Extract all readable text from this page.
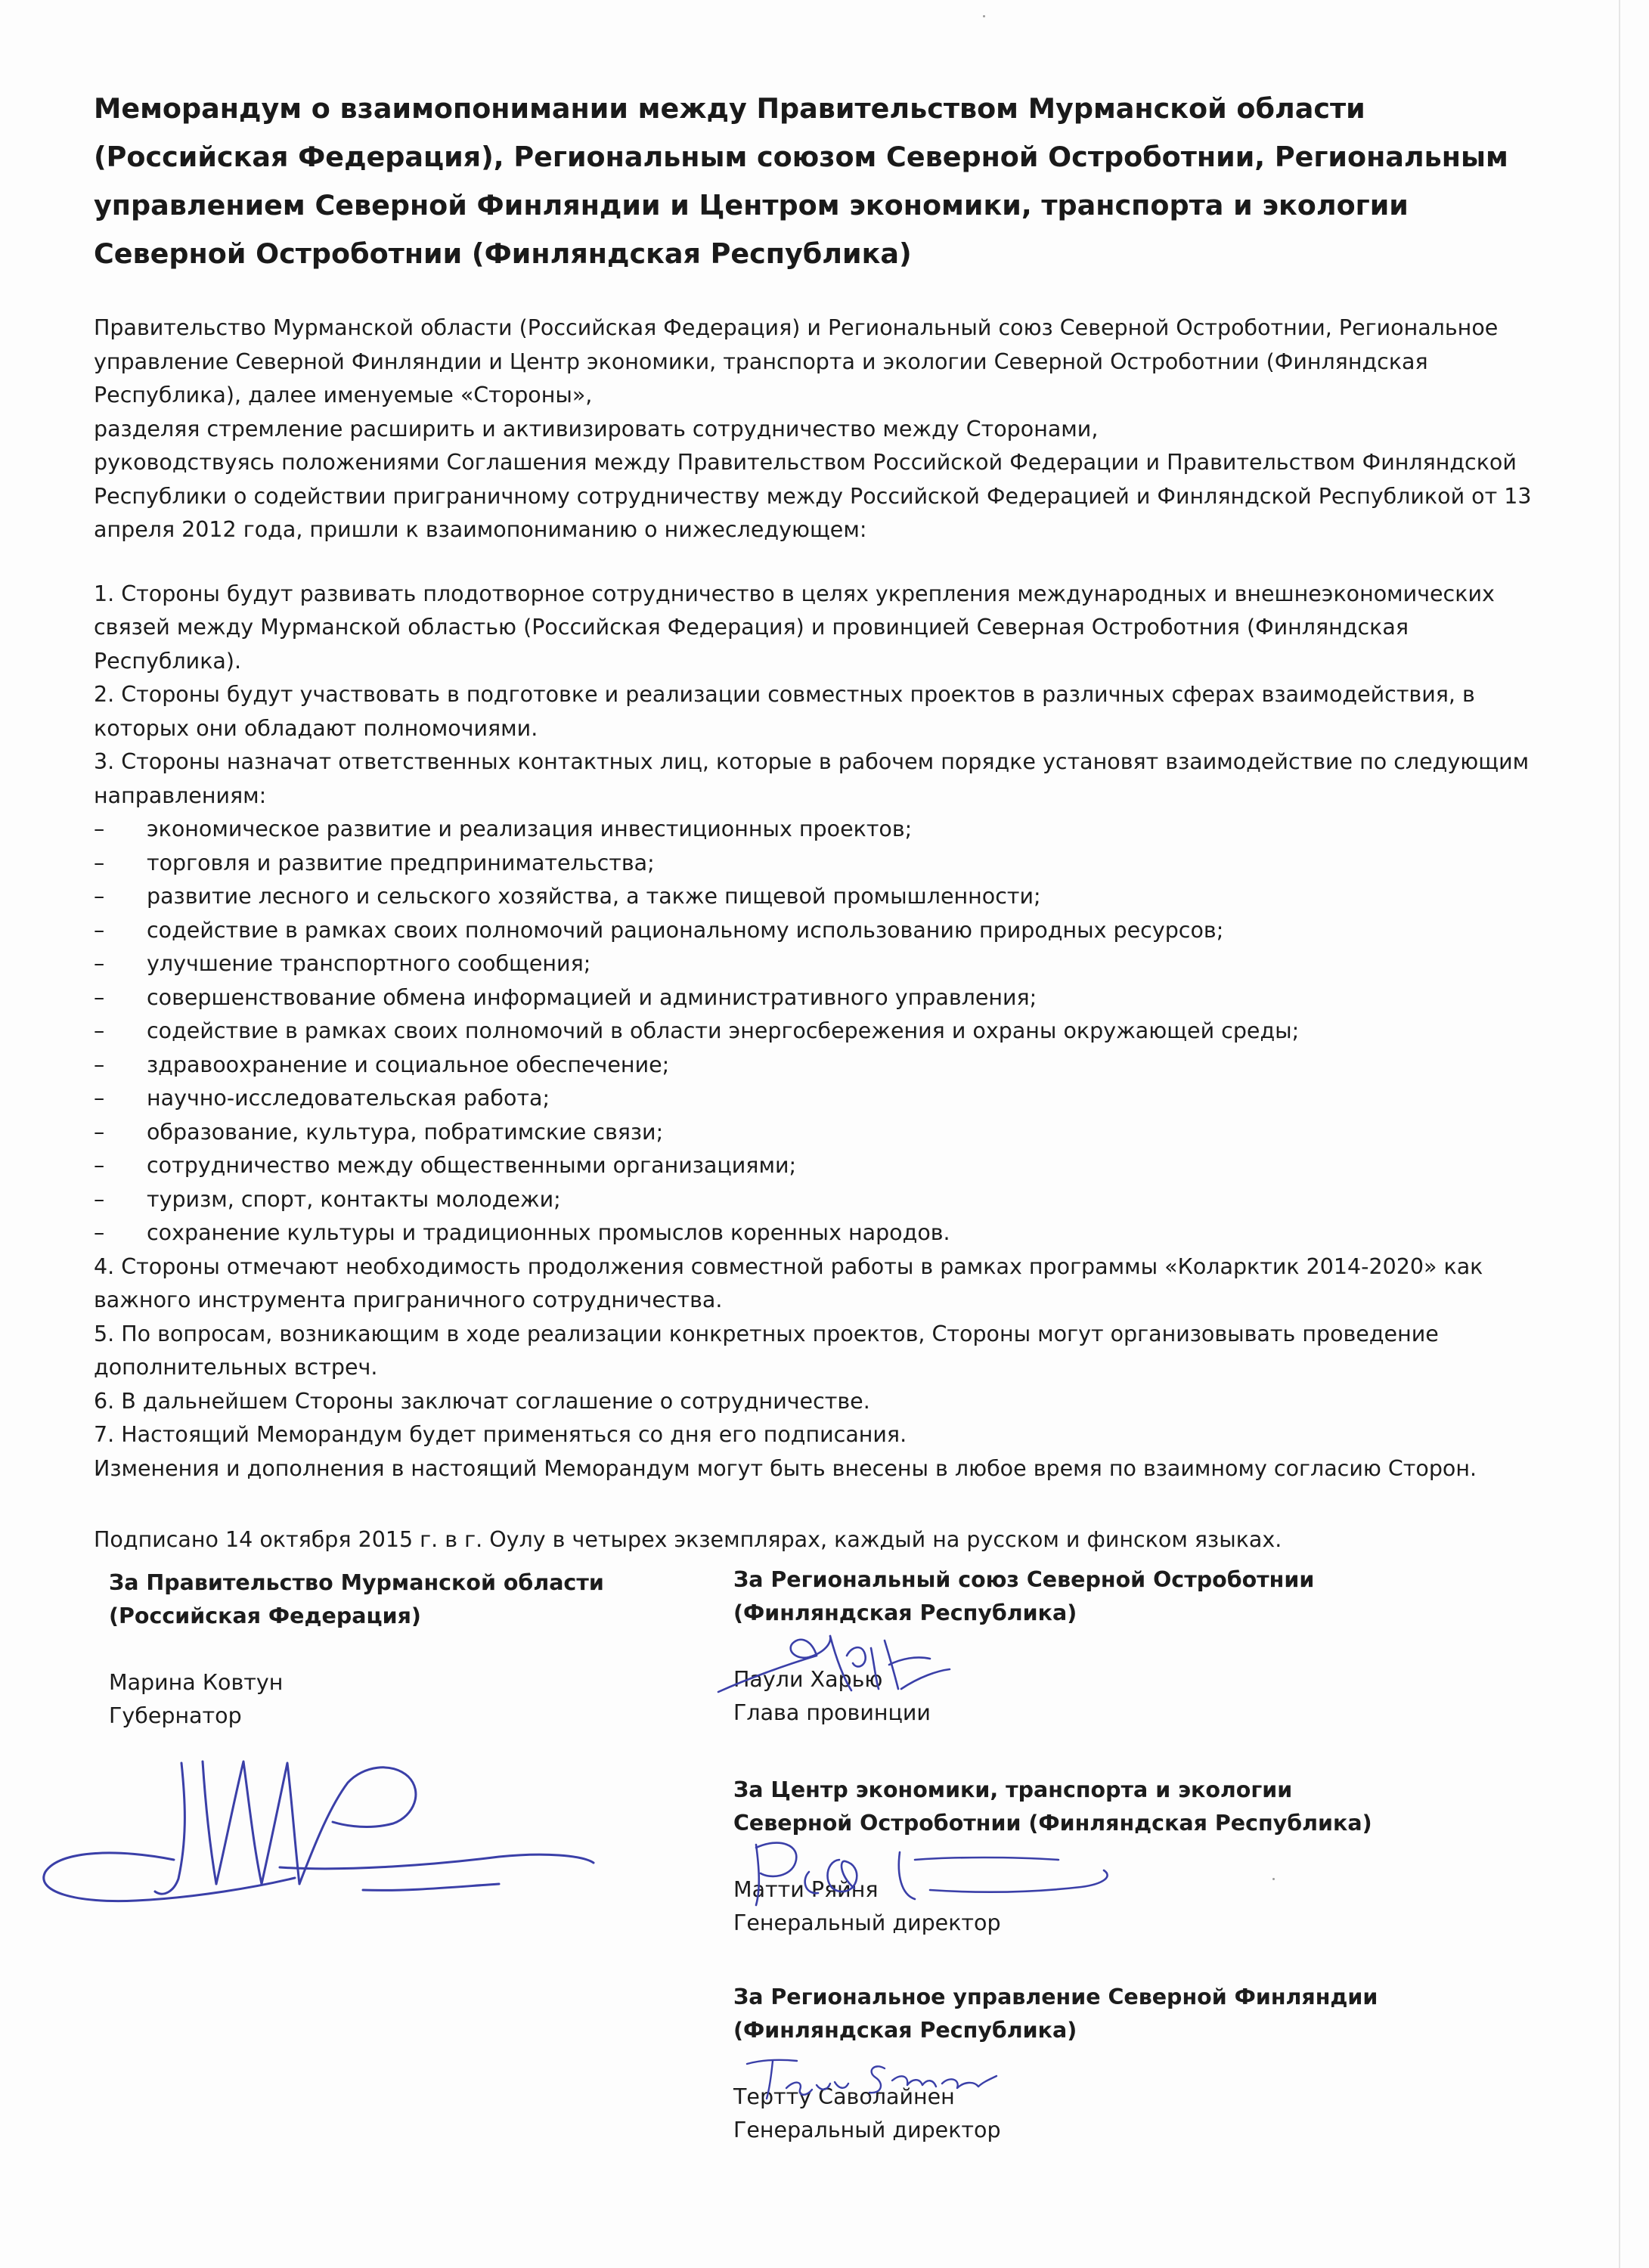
Меморандум о взаимопонимании между Правительством Мурманской области (Российская Федерация), Региональным союзом Северной Остроботнии, Региональным управлением Северной Финляндии и Центром экономики, транспорта и экологии Северной Остроботнии (Финляндская Республика)
Правительство Мурманской области (Российская Федерация) и Региональный союз Северной Остроботнии, Региональное управление Северной Финляндии и Центр экономики, транспорта и экологии Северной Остроботнии (Финляндская Республика), далее именуемые «Стороны»,
разделяя стремление расширить и активизировать сотрудничество между Сторонами,
руководствуясь положениями Соглашения между Правительством Российской Федерации и Правительством Финляндской Республики о содействии приграничному сотрудничеству между Российской Федерацией и Финляндской Республикой от 13 апреля 2012 года, пришли к взаимопониманию о нижеследующем:
1. Стороны будут развивать плодотворное сотрудничество в целях укрепления международных и внешнеэкономических связей между Мурманской областью (Российская Федерация) и провинцией Северная Остроботния (Финляндская Республика).
2. Стороны будут участвовать в подготовке и реализации совместных проектов в различных сферах взаимодействия, в которых они обладают полномочиями.
3. Стороны назначат ответственных контактных лиц, которые в рабочем порядке установят взаимодействие по следующим направлениям:
– экономическое развитие и реализация инвестиционных проектов;
– торговля и развитие предпринимательства;
– развитие лесного и сельского хозяйства, а также пищевой промышленности;
– содействие в рамках своих полномочий рациональному использованию природных ресурсов;
– улучшение транспортного сообщения;
– совершенствование обмена информацией и административного управления;
– содействие в рамках своих полномочий в области энергосбережения и охраны окружающей среды;
– здравоохранение и социальное обеспечение;
– научно-исследовательская работа;
– образование, культура, побратимские связи;
– сотрудничество между общественными организациями;
– туризм, спорт, контакты молодежи;
– сохранение культуры и традиционных промыслов коренных народов.
4. Стороны отмечают необходимость продолжения совместной работы в рамках программы «Коларктик 2014-2020» как важного инструмента приграничного сотрудничества.
5. По вопросам, возникающим в ходе реализации конкретных проектов, Стороны могут организовывать проведение дополнительных встреч.
6. В дальнейшем Стороны заключат соглашение о сотрудничестве.
7. Настоящий Меморандум будет применяться со дня его подписания.
Изменения и дополнения в настоящий Меморандум могут быть внесены в любое время по взаимному согласию Сторон.
Подписано 14 октября 2015 г. в г. Оулу в четырех экземплярах, каждый на русском и финском языках.
За Правительство Мурманской области
(Российская Федерация)
Марина Ковтун
Губернатор
За Региональный союз Северной Остроботнии
(Финляндская Республика)
Паули Харью
Глава провинции
За Центр экономики, транспорта и экологии
Северной Остроботнии (Финляндская Республика)
Матти Ряйня
Генеральный директор
За Региональное управление Северной Финляндии
(Финляндская Республика)
Тертту Саволайнен
Генеральный директор
